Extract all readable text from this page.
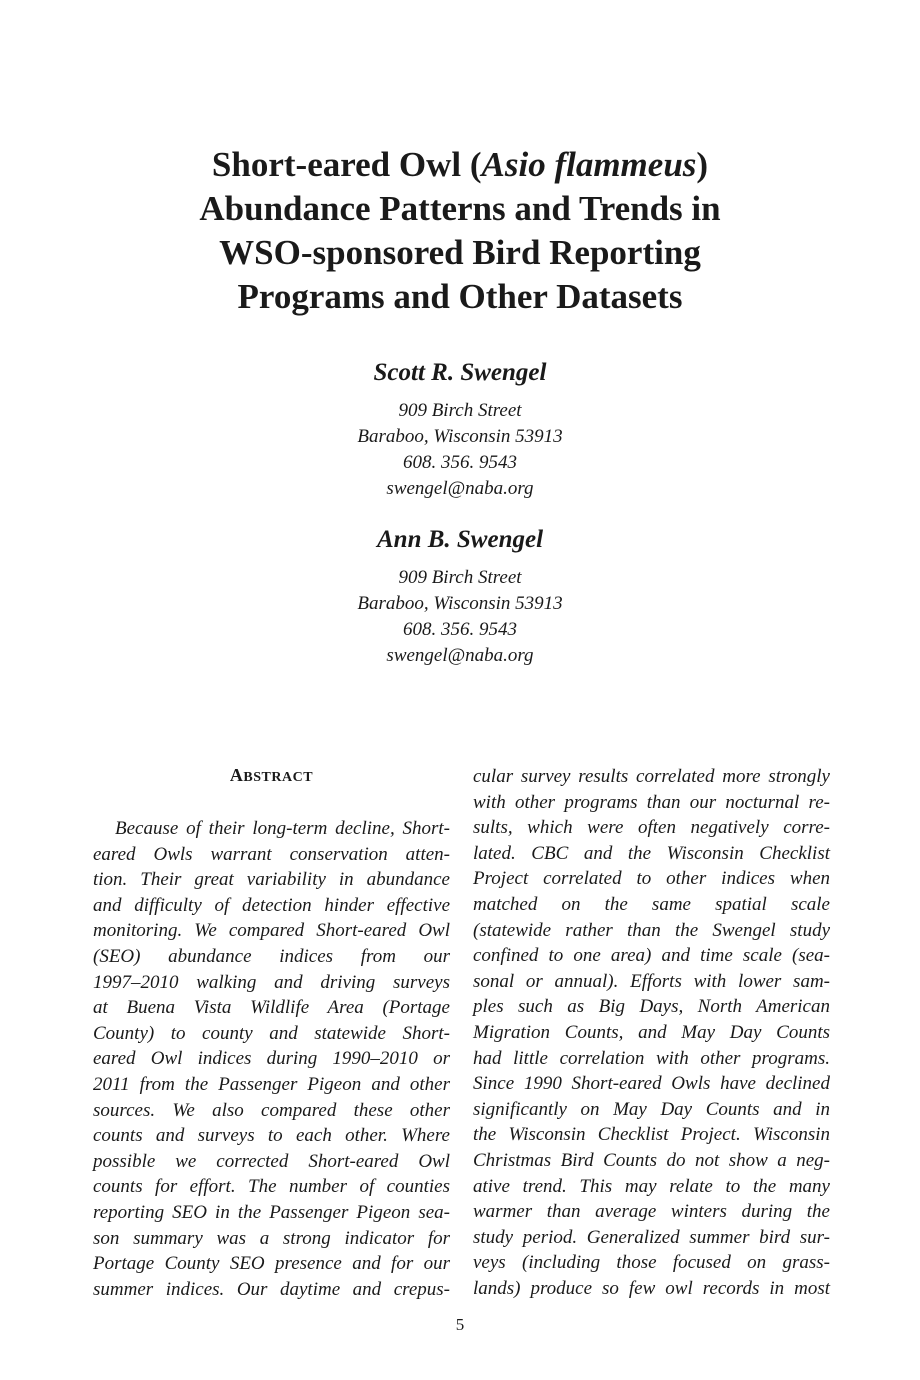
Short-eared Owl (Asio flammeus)
Abundance Patterns and Trends in
WSO-sponsored Bird Reporting
Programs and Other Datasets

Scott R. Swengel

909 Birch Street
Baraboo, Wisconsin 53913
608. 356. 9543
swengel@naba.org

Ann B. Swengel

909 Birch Street
Baraboo, Wisconsin 53913
608. 356. 9543
swengel@naba.org
ABSTRACT
Because of their long-term decline, Short-
eared Owls warrant conservation atten-
tion. Their great variability in abundance
and difficulty of detection hinder effective
monitoring. We compared Short-eared Owl
(SEO) abundance indices from our
1997–2010 walking and driving surveys
at Buena Vista Wildlife Area (Portage
County) to county and statewide Short-
eared Owl indices during 1990–2010 or
2011 from the Passenger Pigeon and other
sources. We also compared these other
counts and surveys to each other. Where
possible we corrected Short-eared Owl
counts for effort. The number of counties
reporting SEO in the Passenger Pigeon sea-
son summary was a strong indicator for
Portage County SEO presence and for our
summer indices. Our daytime and crepus-
cular survey results correlated more strongly
with other programs than our nocturnal re-
sults, which were often negatively corre-
lated. CBC and the Wisconsin Checklist
Project correlated to other indices when
matched on the same spatial scale
(statewide rather than the Swengel study
confined to one area) and time scale (sea-
sonal or annual). Efforts with lower sam-
ples such as Big Days, North American
Migration Counts, and May Day Counts
had little correlation with other programs.
Since 1990 Short-eared Owls have declined
significantly on May Day Counts and in
the Wisconsin Checklist Project. Wisconsin
Christmas Bird Counts do not show a neg-
ative trend. This may relate to the many
warmer than average winters during the
study period. Generalized summer bird sur-
veys (including those focused on grass-
lands) produce so few owl records in most
5
